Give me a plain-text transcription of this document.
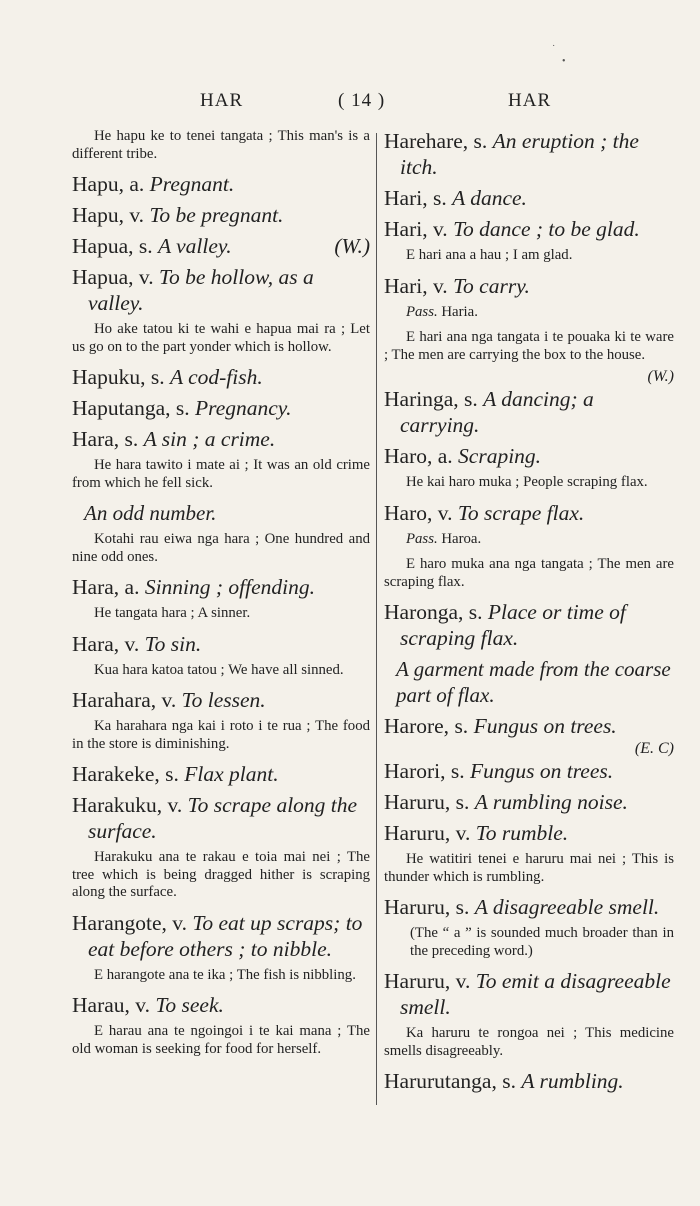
HAR	( 14 )	HAR
He hapu ke to tenei tangata ; This man's is a different tribe.
Hapu, a. Pregnant.
Hapu, v. To be pregnant.
(W.)
Hapua, s. A valley.
Hapua, v. To be hollow, as a valley.
Ho ake tatou ki te wahi e hapua mai ra ; Let us go on to the part yonder which is hollow.
Hapuku, s. A cod-fish.
Haputanga, s. Pregnancy.
Hara, s. A sin ; a crime.
He hara tawito i mate ai ; It was an old crime from which he fell sick.
An odd number.
Kotahi rau eiwa nga hara ; One hundred and nine odd ones.
Hara, a. Sinning ; offending.
He tangata hara ; A sinner.
Hara, v. To sin.
Kua hara katoa tatou ; We have all sinned.
Harahara, v. To lessen.
Ka harahara nga kai i roto i te rua ; The food in the store is diminishing.
Harakeke, s. Flax plant.
Harakuku, v. To scrape along the surface.
Harakuku ana te rakau e toia mai nei ; The tree which is being dragged hither is scraping along the surface.
Harangote, v. To eat up scraps; to eat before others ; to nibble.
E harangote ana te ika ; The fish is nibbling.
Harau, v. To seek.
E harau ana te ngoingoi i te kai mana ; The old woman is seeking for food for herself.
Harehare, s. An eruption ; the itch.
Hari, s. A dance.
Hari, v. To dance ; to be glad.
E hari ana a hau ; I am glad.
Hari, v. To carry.
Pass. Haria.
E hari ana nga tangata i te pouaka ki te ware ; The men are carrying the box to the house.
(W.)
Haringa, s. A dancing; a carrying.
Haro, a. Scraping.
He kai haro muka ; People scraping flax.
Haro, v. To scrape flax.
Pass. Haroa.
E haro muka ana nga tangata ; The men are scraping flax.
Haronga, s. Place or time of scraping flax.
A garment made from the coarse part of flax.
Harore, s. Fungus on trees.
(E. C)
Harori, s. Fungus on trees.
Haruru, s. A rumbling noise.
Haruru, v. To rumble.
He watitiri tenei e haruru mai nei ; This is thunder which is rumbling.
Haruru, s. A disagreeable smell.
(The “ a ” is sounded much broader than in the preceding word.)
Haruru, v. To emit a disagreeable smell.
Ka haruru te rongoa nei ; This medicine smells disagreeably.
Harurutanga, s. A rumbling.
˙
•
